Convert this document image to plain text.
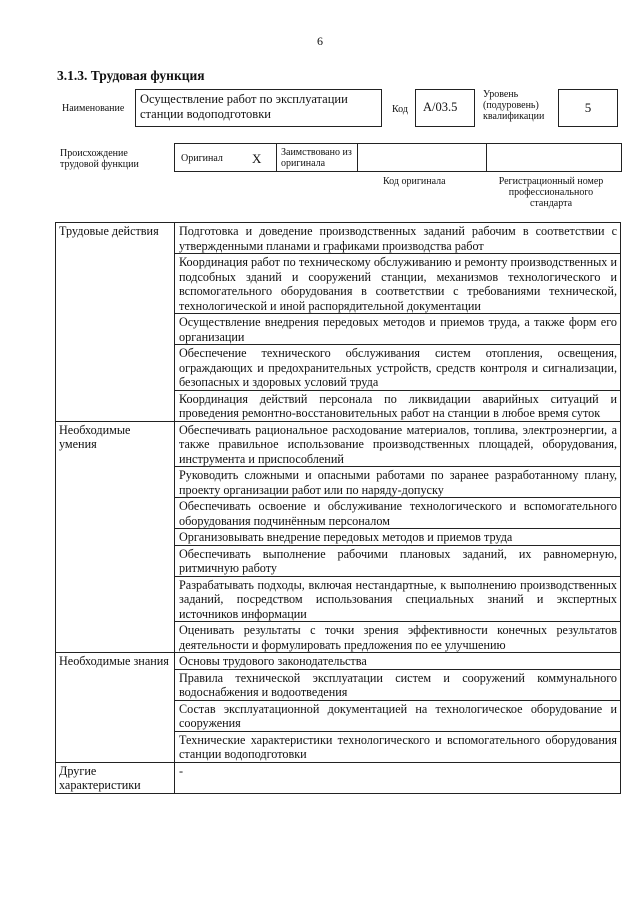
6
3.1.3. Трудовая функция
Наименование
Осуществление работ по эксплуатации станции водоподготовки	Код	А/03.5
Уровень (подуровень) квалификации
5
Происхождение трудовой функции
Оригинал X Заимствовано из оригинала
Код оригинала	Регистрационный номер профессионального стандарта
Трудовые действия	Подготовка и доведение производственных заданий рабочим в соответствии с утвержденными планами и графиками производства работ
	Координация работ по техническому обслуживанию и ремонту производственных и подсобных зданий и сооружений станции, механизмов технологического и вспомогательного оборудования в соответствии с требованиями технической, технологической и иной распорядительной документации
	Осуществление внедрения передовых методов и приемов труда, а также форм его организации
	Обеспечение технического обслуживания систем отопления, освещения, ограждающих и предохранительных устройств, средств контроля и сигнализации, безопасных и здоровых условий труда
	Координация действий персонала по ликвидации аварийных ситуаций и проведения ремонтно-восстановительных работ на станции в любое время суток
Необходимые умения	Обеспечивать рациональное расходование материалов, топлива, электроэнергии, а также правильное использование производственных площадей, оборудования, инструмента и приспособлений
	Руководить сложными и опасными работами по заранее разработанному плану, проекту организации работ или по наряду-допуску
	Обеспечивать освоение и обслуживание технологического и вспомогательного оборудования подчинённым персоналом
	Организовывать внедрение передовых методов и приемов труда
	Обеспечивать выполнение рабочими плановых заданий, их равномерную, ритмичную работу
	Разрабатывать подходы, включая нестандартные, к выполнению производственных заданий, посредством использования специальных знаний и экспертных источников информации
	Оценивать результаты с точки зрения эффективности конечных результатов деятельности и формулировать предложения по ее улучшению
Необходимые знания	Основы трудового законодательства
	Правила технической эксплуатации систем и сооружений коммунального водоснабжения и водоотведения
	Состав эксплуатационной документацией на технологическое оборудование и сооружения
	Технические характеристики технологического и вспомогательного оборудования станции водоподготовки
Другие характеристики	-
